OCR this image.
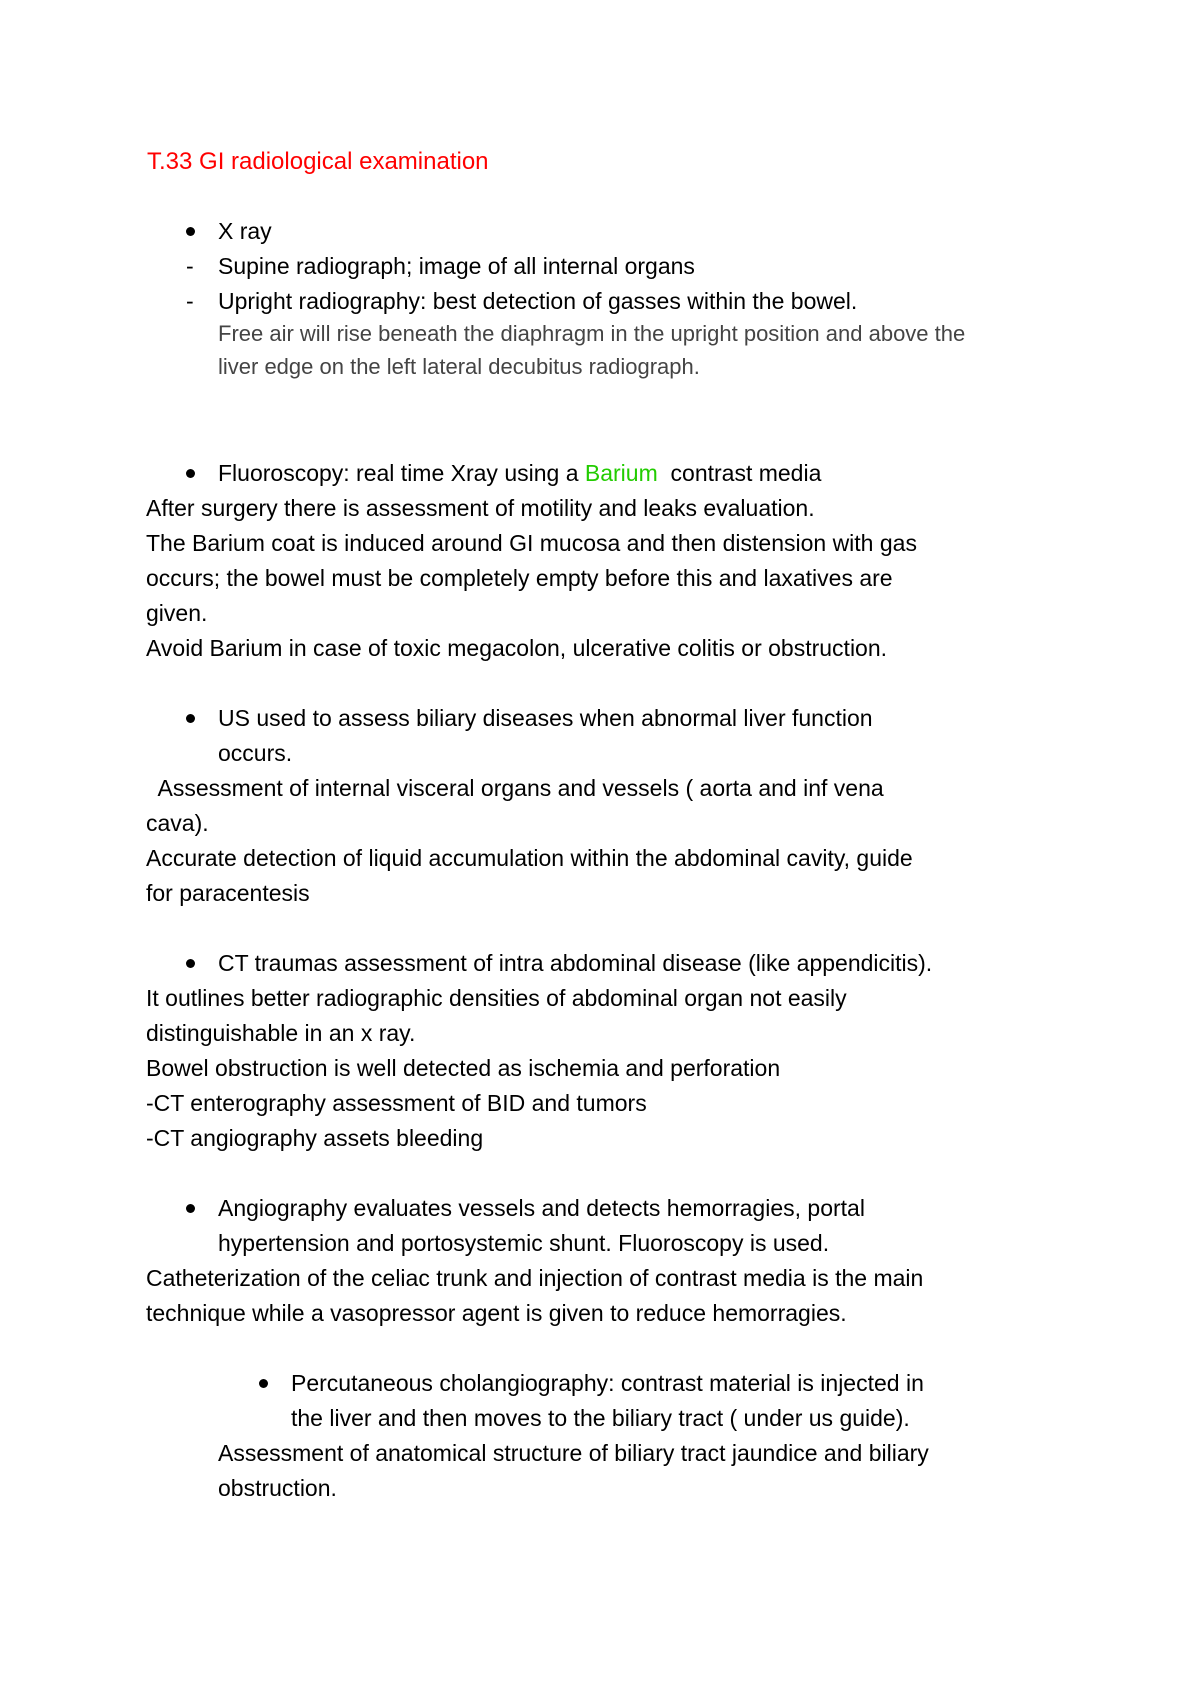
T.33 GI radiological examination
X ray
- Supine radiograph; image of all internal organs
- Upright radiography: best detection of gasses within the bowel.
Free air will rise beneath the diaphragm in the upright position and above the
liver edge on the left lateral decubitus radiograph.
Fluoroscopy: real time Xray using a Barium  contrast media
After surgery there is assessment of motility and leaks evaluation.
The Barium coat is induced around GI mucosa and then distension with gas
occurs; the bowel must be completely empty before this and laxatives are
given.
Avoid Barium in case of toxic megacolon, ulcerative colitis or obstruction.
US used to assess biliary diseases when abnormal liver function
occurs.
Assessment of internal visceral organs and vessels ( aorta and inf vena
cava).
Accurate detection of liquid accumulation within the abdominal cavity, guide
for paracentesis
CT traumas assessment of intra abdominal disease (like appendicitis).
It outlines better radiographic densities of abdominal organ not easily
distinguishable in an x ray.
Bowel obstruction is well detected as ischemia and perforation
-CT enterography assessment of BID and tumors
-CT angiography assets bleeding
Angiography evaluates vessels and detects hemorragies, portal
hypertension and portosystemic shunt. Fluoroscopy is used.
Catheterization of the celiac trunk and injection of contrast media is the main
technique while a vasopressor agent is given to reduce hemorragies.
Percutaneous cholangiography: contrast material is injected in
the liver and then moves to the biliary tract ( under us guide).
Assessment of anatomical structure of biliary tract jaundice and biliary
obstruction.
